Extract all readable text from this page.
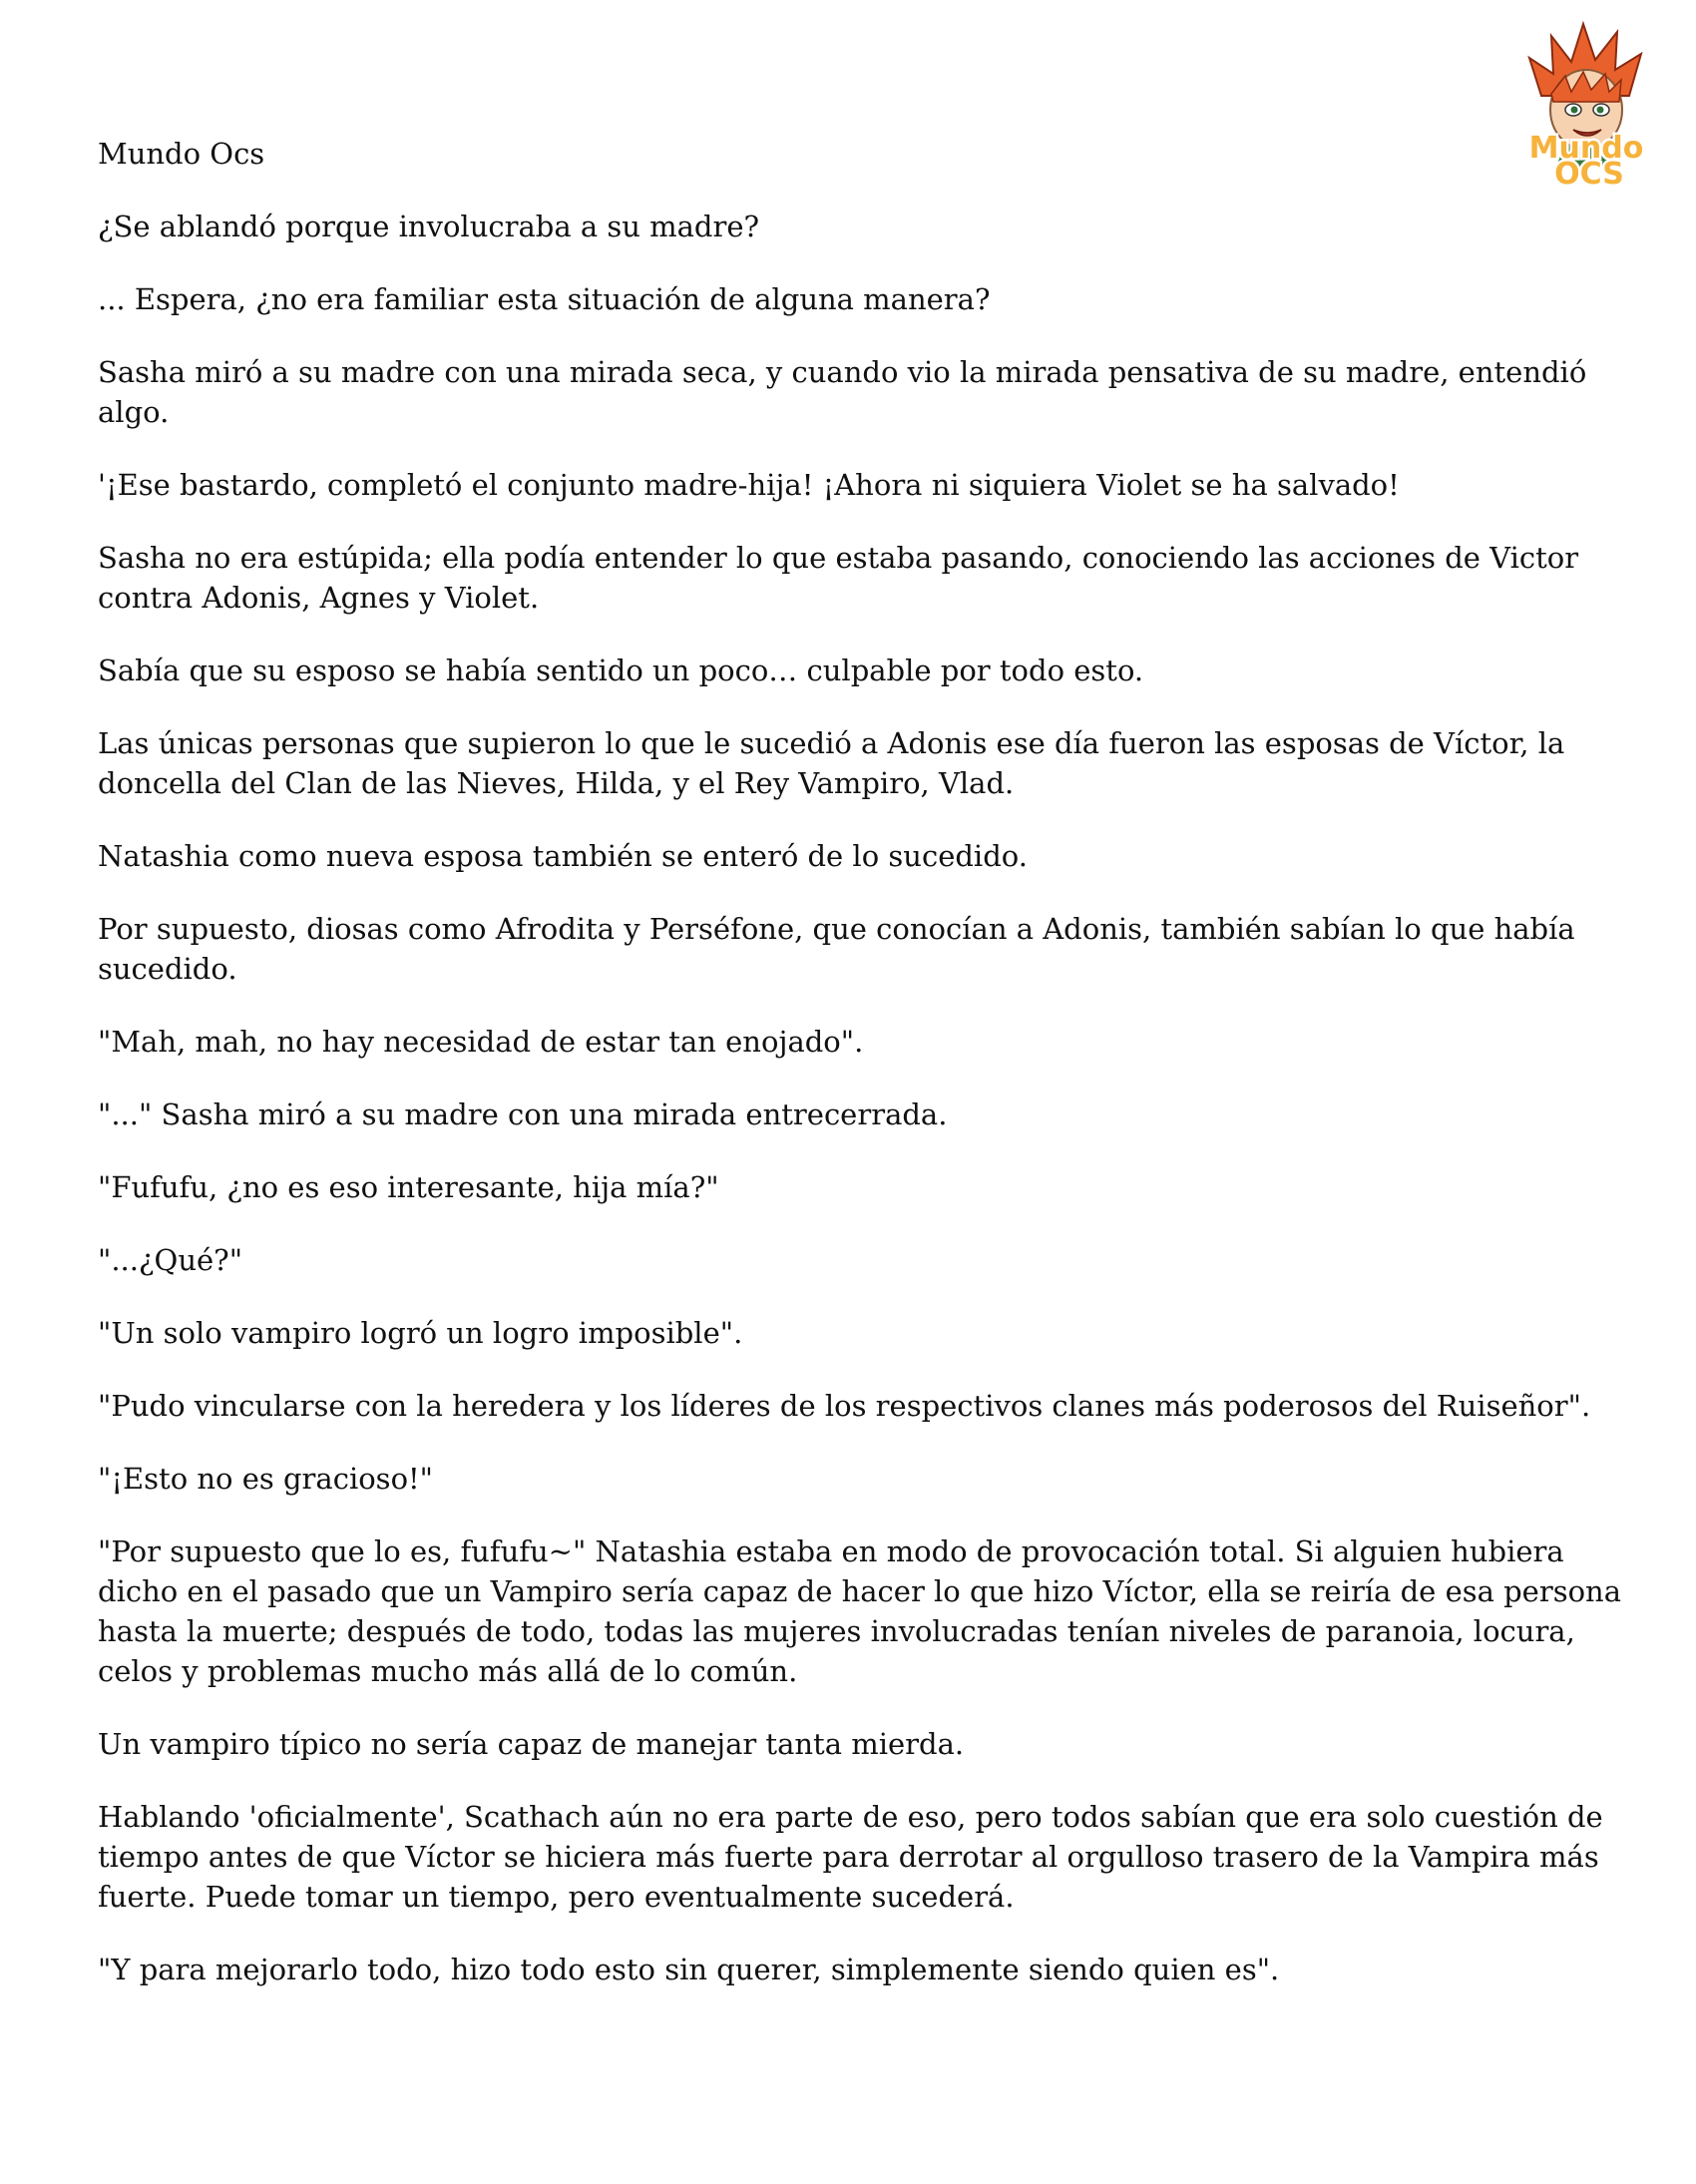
Mundo
OCS

Mundo Ocs

¿Se ablandó porque involucraba a su madre?

... Espera, ¿no era familiar esta situación de alguna manera?

Sasha miró a su madre con una mirada seca, y cuando vio la mirada pensativa de su madre, entendió algo.

'¡Ese bastardo, completó el conjunto madre-hija! ¡Ahora ni siquiera Violet se ha salvado!

Sasha no era estúpida; ella podía entender lo que estaba pasando, conociendo las acciones de Victor contra Adonis, Agnes y Violet.

Sabía que su esposo se había sentido un poco… culpable por todo esto.

Las únicas personas que supieron lo que le sucedió a Adonis ese día fueron las esposas de Víctor, la doncella del Clan de las Nieves, Hilda, y el Rey Vampiro, Vlad.

Natashia como nueva esposa también se enteró de lo sucedido.

Por supuesto, diosas como Afrodita y Perséfone, que conocían a Adonis, también sabían lo que había sucedido.

"Mah, mah, no hay necesidad de estar tan enojado".

"..." Sasha miró a su madre con una mirada entrecerrada.

"Fufufu, ¿no es eso interesante, hija mía?"

"...¿Qué?"

"Un solo vampiro logró un logro imposible".

"Pudo vincularse con la heredera y los líderes de los respectivos clanes más poderosos del Ruiseñor".

"¡Esto no es gracioso!"

"Por supuesto que lo es, fufufu~" Natashia estaba en modo de provocación total. Si alguien hubiera dicho en el pasado que un Vampiro sería capaz de hacer lo que hizo Víctor, ella se reiría de esa persona hasta la muerte; después de todo, todas las mujeres involucradas tenían niveles de paranoia, locura, celos y problemas mucho más allá de lo común.

Un vampiro típico no sería capaz de manejar tanta mierda.

Hablando 'oficialmente', Scathach aún no era parte de eso, pero todos sabían que era solo cuestión de tiempo antes de que Víctor se hiciera más fuerte para derrotar al orgulloso trasero de la Vampira más fuerte. Puede tomar un tiempo, pero eventualmente sucederá.

"Y para mejorarlo todo, hizo todo esto sin querer, simplemente siendo quien es".
